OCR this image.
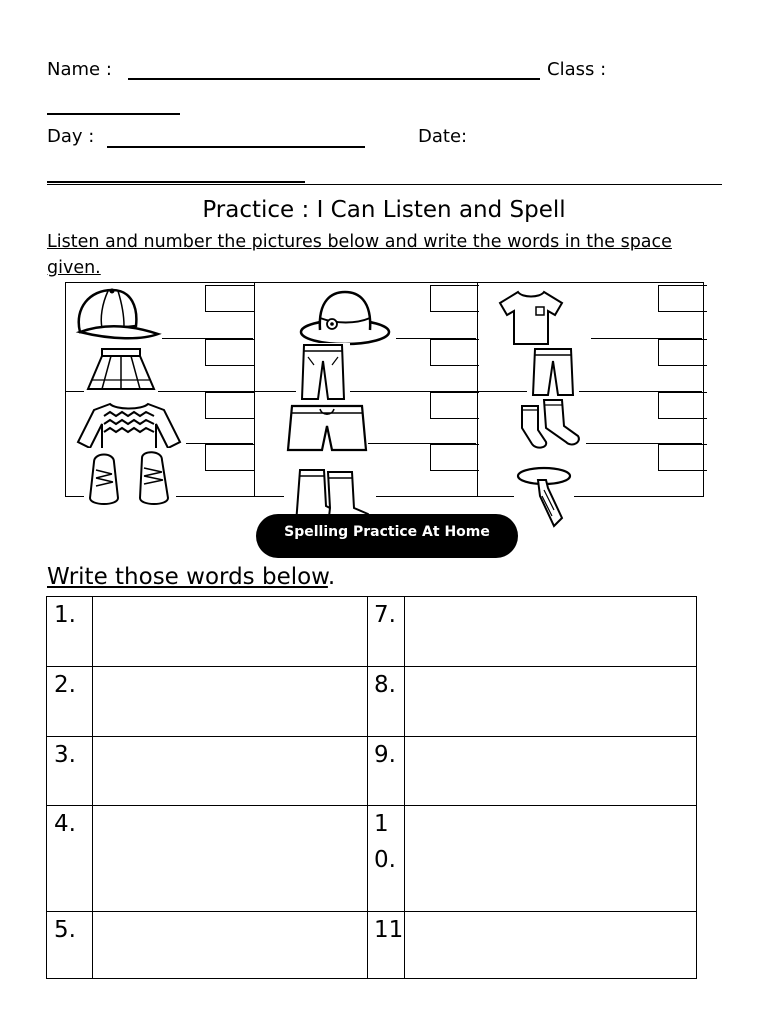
Name :	Class :
Day :	Date:
Practice : I Can Listen and Spell
Listen and number the pictures below and write the words in the space given.
Spelling Practice At Home
Write those words below.
1.		7.	
2.		8.	
3.		9.	
4.		10.	
5.		11	
